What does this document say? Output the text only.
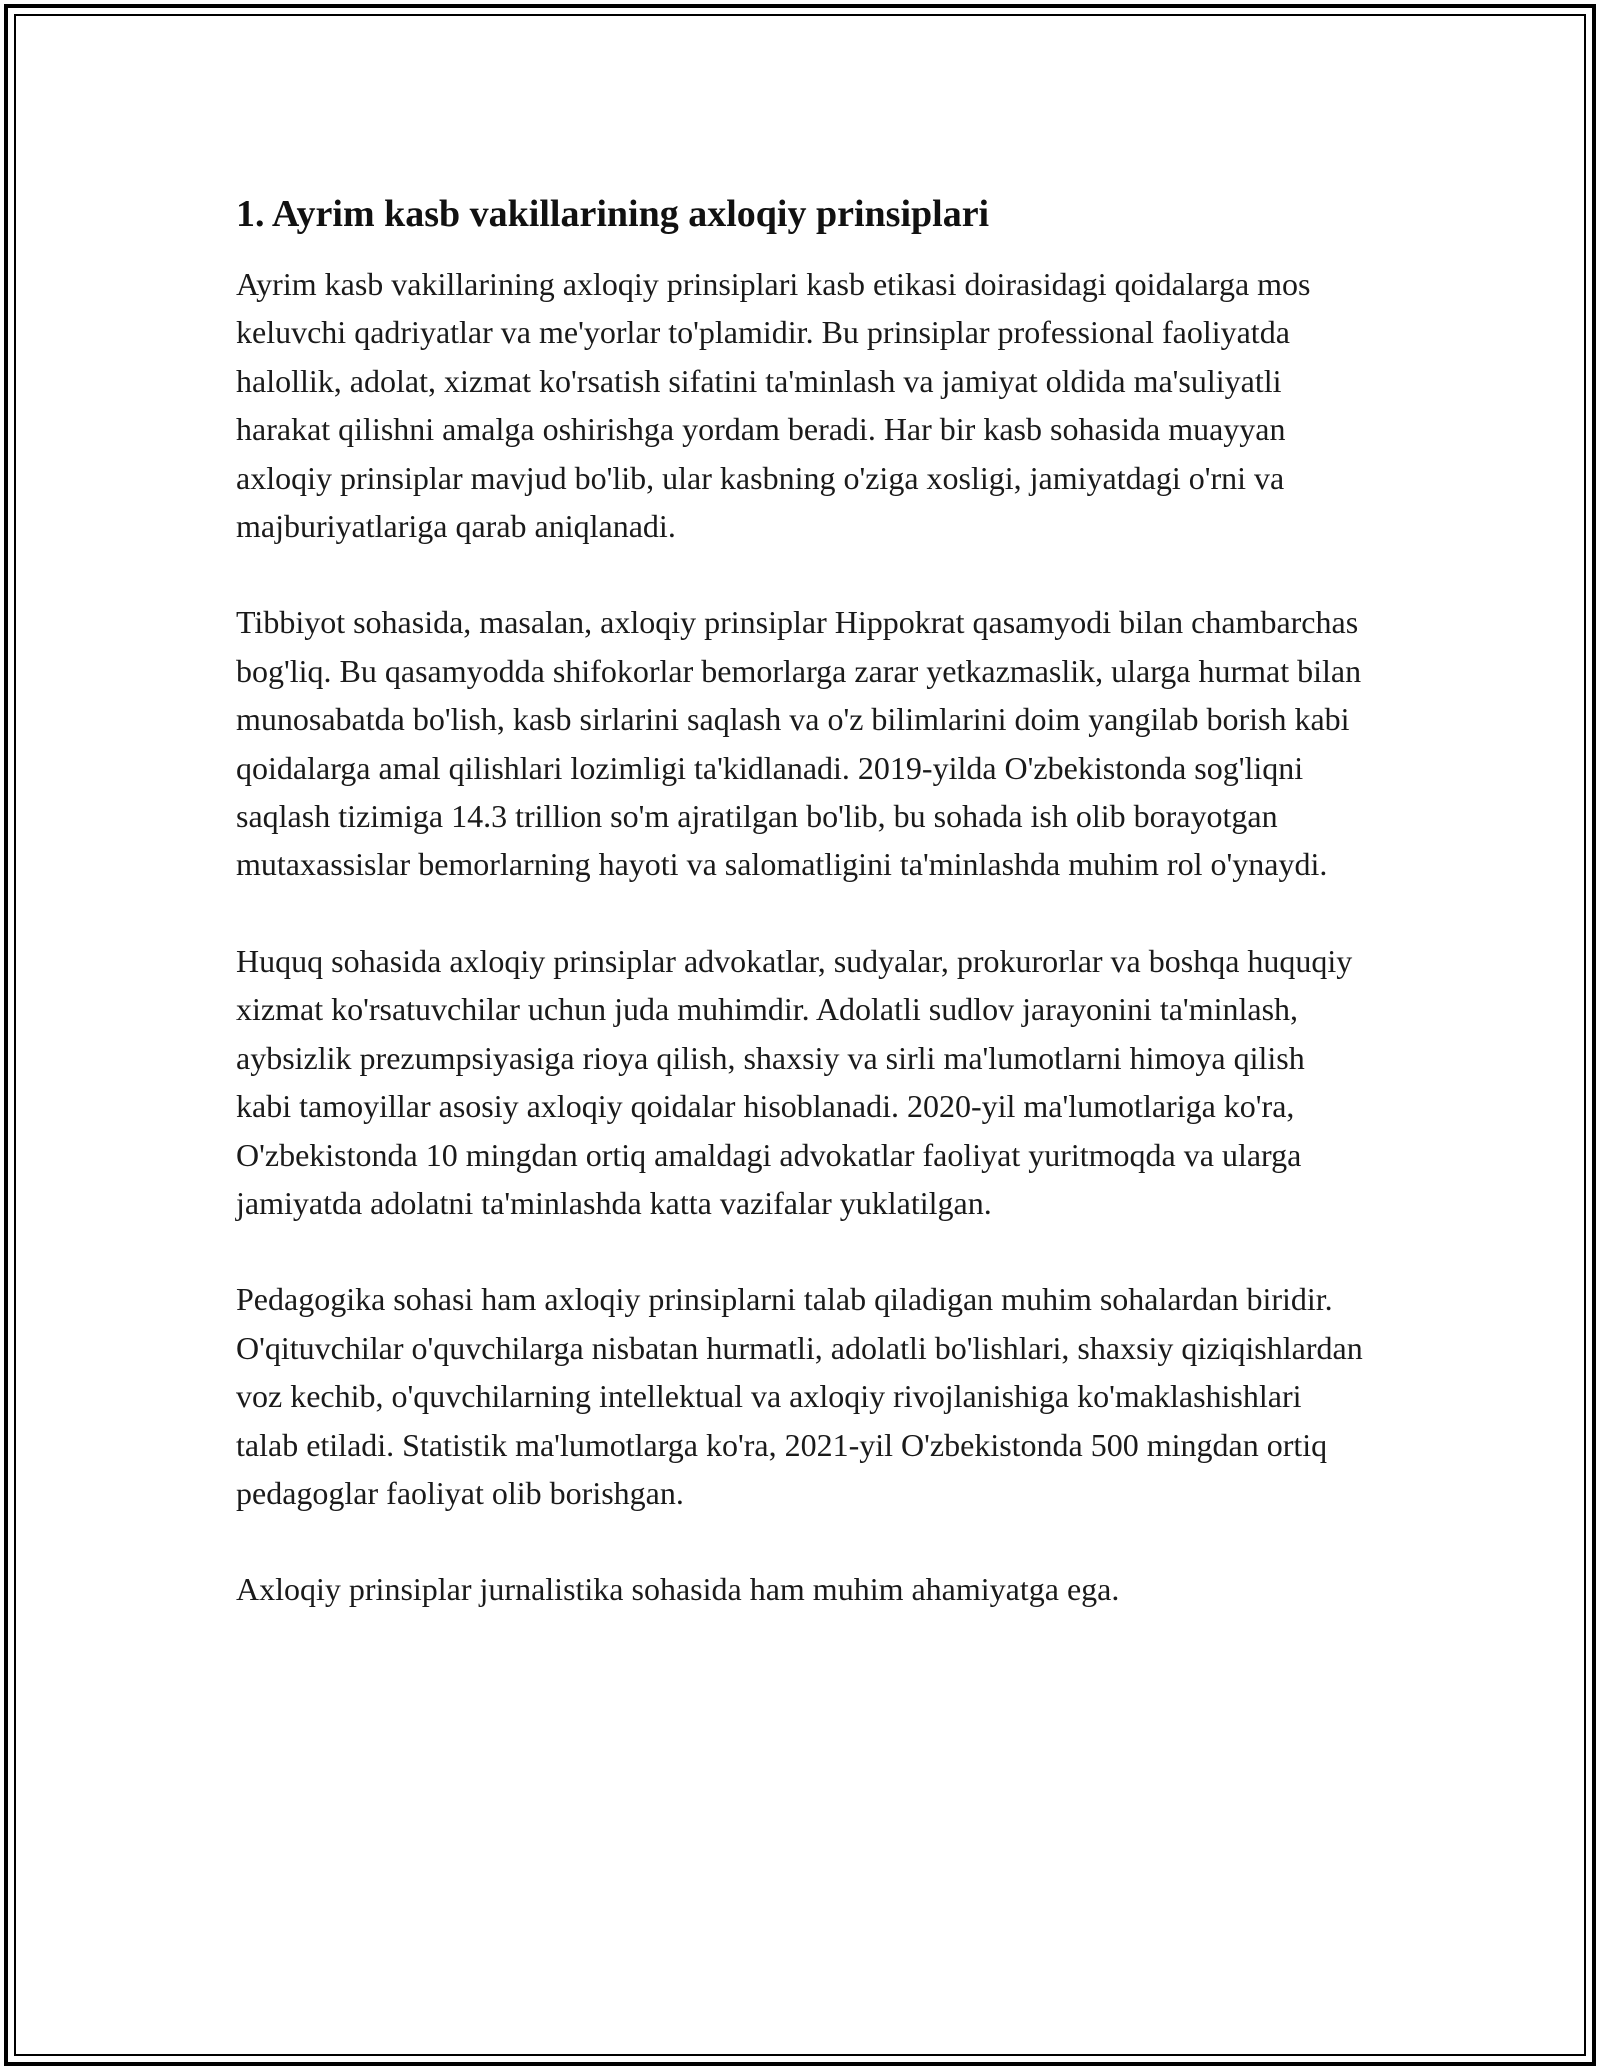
1. Ayrim kasb vakillarining axloqiy prinsiplari

Ayrim kasb vakillarining axloqiy prinsiplari kasb etikasi doirasidagi qoidalarga mos keluvchi qadriyatlar va me'yorlar to'plamidir. Bu prinsiplar professional faoliyatda halollik, adolat, xizmat ko'rsatish sifatini ta'minlash va jamiyat oldida ma'suliyatli harakat qilishni amalga oshirishga yordam beradi. Har bir kasb sohasida muayyan axloqiy prinsiplar mavjud bo'lib, ular kasbning o'ziga xosligi, jamiyatdagi o'rni va majburiyatlariga qarab aniqlanadi.

Tibbiyot sohasida, masalan, axloqiy prinsiplar Hippokrat qasamyodi bilan chambarchas bog'liq. Bu qasamyodda shifokorlar bemorlarga zarar yetkazmaslik, ularga hurmat bilan munosabatda bo'lish, kasb sirlarini saqlash va o'z bilimlarini doim yangilab borish kabi qoidalarga amal qilishlari lozimligi ta'kidlanadi. 2019-yilda O'zbekistonda sog'liqni saqlash tizimiga 14.3 trillion so'm ajratilgan bo'lib, bu sohada ish olib borayotgan mutaxassislar bemorlarning hayoti va salomatligini ta'minlashda muhim rol o'ynaydi.

Huquq sohasida axloqiy prinsiplar advokatlar, sudyalar, prokurorlar va boshqa huquqiy xizmat ko'rsatuvchilar uchun juda muhimdir. Adolatli sudlov jarayonini ta'minlash, aybsizlik prezumpsiyasiga rioya qilish, shaxsiy va sirli ma'lumotlarni himoya qilish kabi tamoyillar asosiy axloqiy qoidalar hisoblanadi. 2020-yil ma'lumotlariga ko'ra, O'zbekistonda 10 mingdan ortiq amaldagi advokatlar faoliyat yuritmoqda va ularga jamiyatda adolatni ta'minlashda katta vazifalar yuklatilgan.

Pedagogika sohasi ham axloqiy prinsiplarni talab qiladigan muhim sohalardan biridir. O'qituvchilar o'quvchilarga nisbatan hurmatli, adolatli bo'lishlari, shaxsiy qiziqishlardan voz kechib, o'quvchilarning intellektual va axloqiy rivojlanishiga ko'maklashishlari talab etiladi. Statistik ma'lumotlarga ko'ra, 2021-yil O'zbekistonda 500 mingdan ortiq pedagoglar faoliyat olib borishgan.

Axloqiy prinsiplar jurnalistika sohasida ham muhim ahamiyatga ega.
